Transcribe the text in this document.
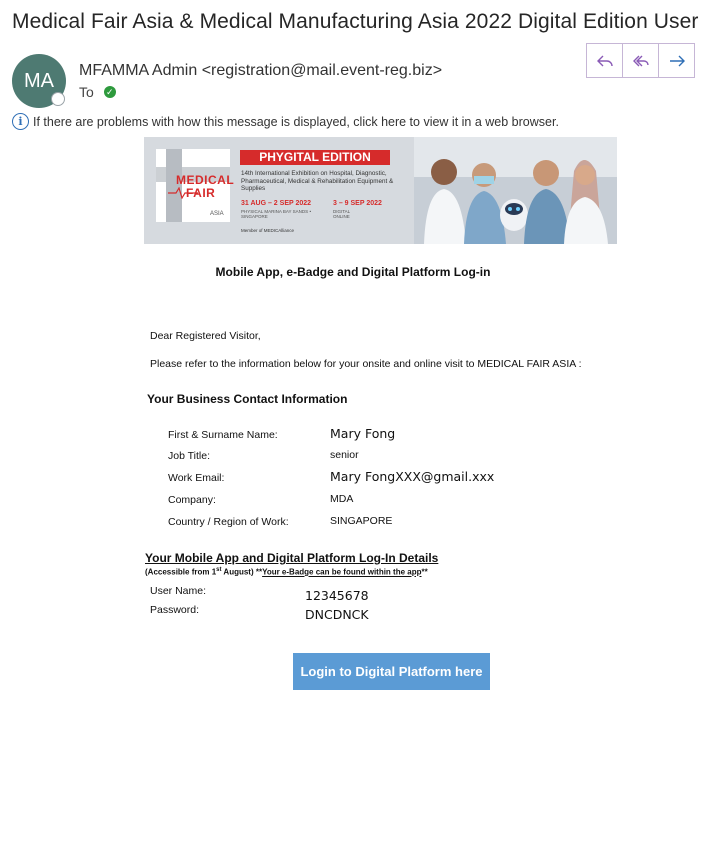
Medical Fair Asia & Medical Manufacturing Asia 2022 Digital Edition User
MA MFAMMA Admin <registration@mail.event-reg.biz>
To ✓
i If there are problems with how this message is displayed, click here to view it in a web browser.
MEDICAL
FAIR
ASIA
PHYGITAL EDITION
14th International Exhibition on Hospital, Diagnostic, Pharmaceutical, Medical & Rehabilitation Equipment & Supplies
31 AUG – 2 SEP 2022
PHYSICAL MARINA BAY SANDS • SINGAPORE
3 – 9 SEP 2022
DIGITAL ONLINE
Member of MEDICAlliance
Mobile App, e-Badge and Digital Platform Log-in
Dear Registered Visitor,
Please refer to the information below for your onsite and online visit to MEDICAL FAIR ASIA :
Your Business Contact Information
First & Surname Name:	Mary Fong
Job Title:	senior
Work Email:	Mary FongXXX@gmail.xxx
Company:	MDA
Country / Region of Work:	SINGAPORE
Your Mobile App and Digital Platform Log-In Details
(Accessible from 1st August) **Your e-Badge can be found within the app**
User Name:	12345678
Password:	DNCDNCK
Login to Digital Platform here
